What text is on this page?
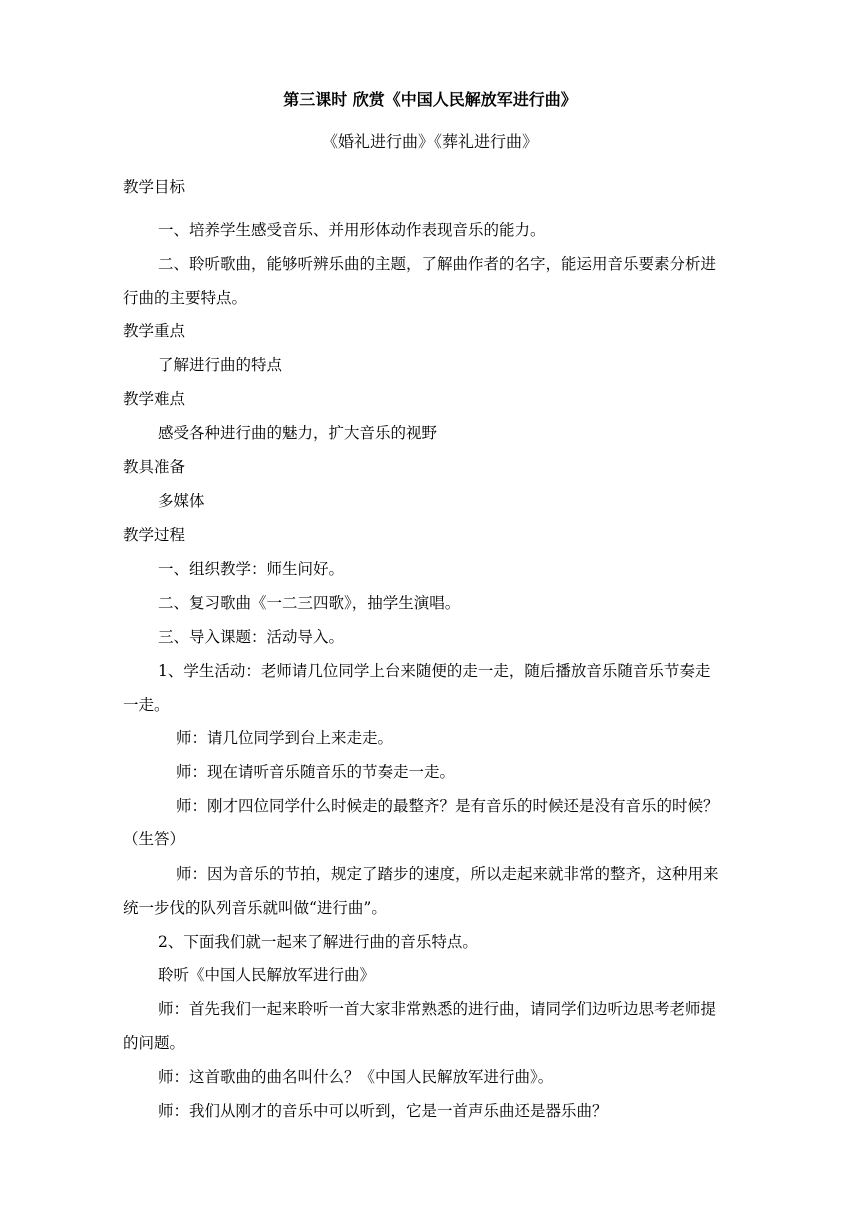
第三课时 欣赏《中国人民解放军进行曲》
《婚礼进行曲》《葬礼进行曲》
教学目标
一、培养学生感受音乐、并用形体动作表现音乐的能力。
二、聆听歌曲，能够听辨乐曲的主题，了解曲作者的名字，能运用音乐要素分析进
行曲的主要特点。
教学重点
了解进行曲的特点
教学难点
感受各种进行曲的魅力，扩大音乐的视野
教具准备
多媒体
教学过程
一、组织教学：师生问好。
二、复习歌曲《一二三四歌》，抽学生演唱。
三、导入课题：活动导入。
1、学生活动：老师请几位同学上台来随便的走一走，随后播放音乐随音乐节奏走
一走。
师：请几位同学到台上来走走。
师：现在请听音乐随音乐的节奏走一走。
师：刚才四位同学什么时候走的最整齐？是有音乐的时候还是没有音乐的时候？
（生答）
师：因为音乐的节拍，规定了踏步的速度，所以走起来就非常的整齐，这种用来
统一步伐的队列音乐就叫做“进行曲”。
2、下面我们就一起来了解进行曲的音乐特点。
聆听《中国人民解放军进行曲》
师：首先我们一起来聆听一首大家非常熟悉的进行曲，请同学们边听边思考老师提
的问题。
师：这首歌曲的曲名叫什么？《中国人民解放军进行曲》。
师：我们从刚才的音乐中可以听到，它是一首声乐曲还是器乐曲？
